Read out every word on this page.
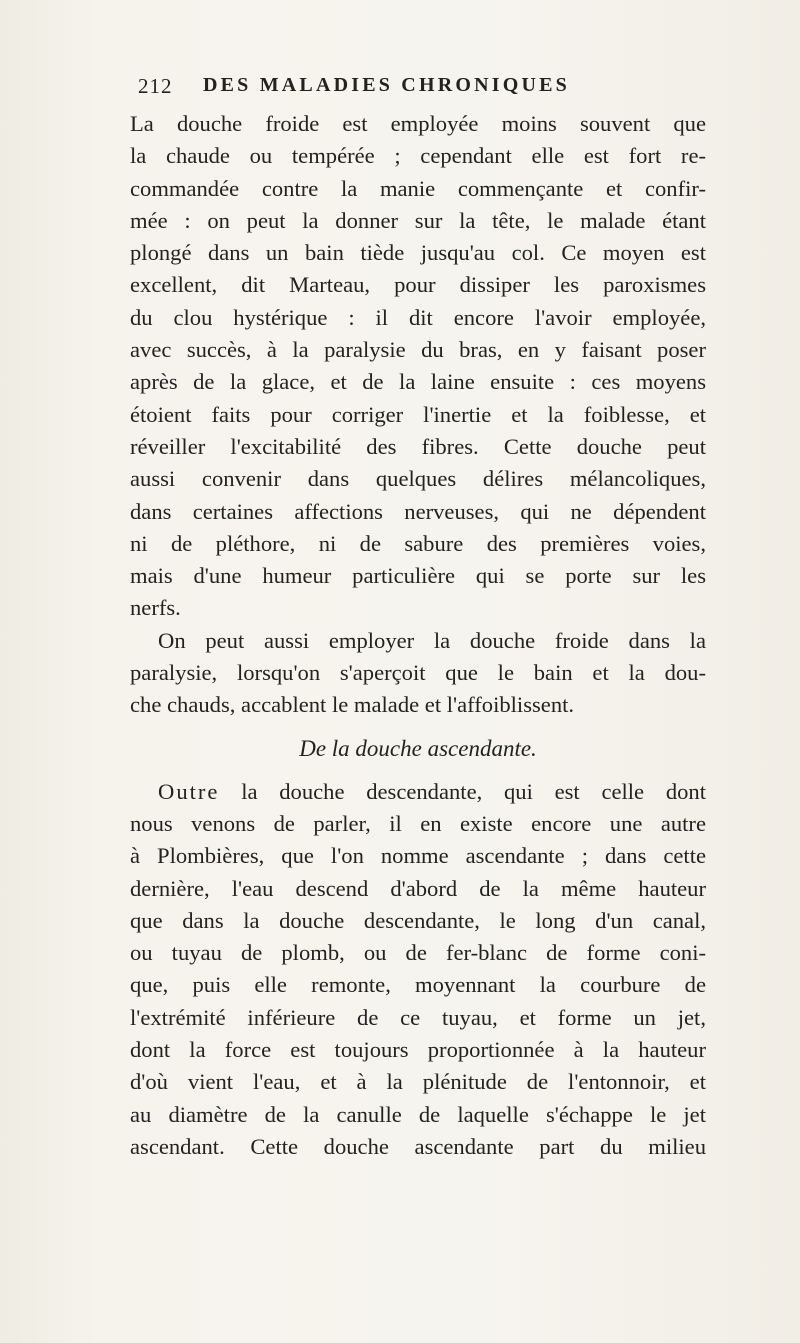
212 DES MALADIES CHRONIQUES
La douche froide est employée moins souvent que
la chaude ou tempérée ; cependant elle est fort re-
commandée contre la manie commençante et confir-
mée : on peut la donner sur la tête, le malade étant
plongé dans un bain tiède jusqu'au col. Ce moyen est
excellent, dit Marteau, pour dissiper les paroxismes
du clou hystérique : il dit encore l'avoir employée,
avec succès, à la paralysie du bras, en y faisant poser
après de la glace, et de la laine ensuite : ces moyens
étoient faits pour corriger l'inertie et la foiblesse, et
réveiller l'excitabilité des fibres. Cette douche peut
aussi convenir dans quelques délires mélancoliques,
dans certaines affections nerveuses, qui ne dépendent
ni de pléthore, ni de sabure des premières voies,
mais d'une humeur particulière qui se porte sur les
nerfs.
On peut aussi employer la douche froide dans la
paralysie, lorsqu'on s'aperçoit que le bain et la dou-
che chauds, accablent le malade et l'affoiblissent.
De la douche ascendante.
Outre la douche descendante, qui est celle dont
nous venons de parler, il en existe encore une autre
à Plombières, que l'on nomme ascendante ; dans cette
dernière, l'eau descend d'abord de la même hauteur
que dans la douche descendante, le long d'un canal,
ou tuyau de plomb, ou de fer-blanc de forme coni-
que, puis elle remonte, moyennant la courbure de
l'extrémité inférieure de ce tuyau, et forme un jet,
dont la force est toujours proportionnée à la hauteur
d'où vient l'eau, et à la plénitude de l'entonnoir, et
au diamètre de la canulle de laquelle s'échappe le jet
ascendant. Cette douche ascendante part du milieu
